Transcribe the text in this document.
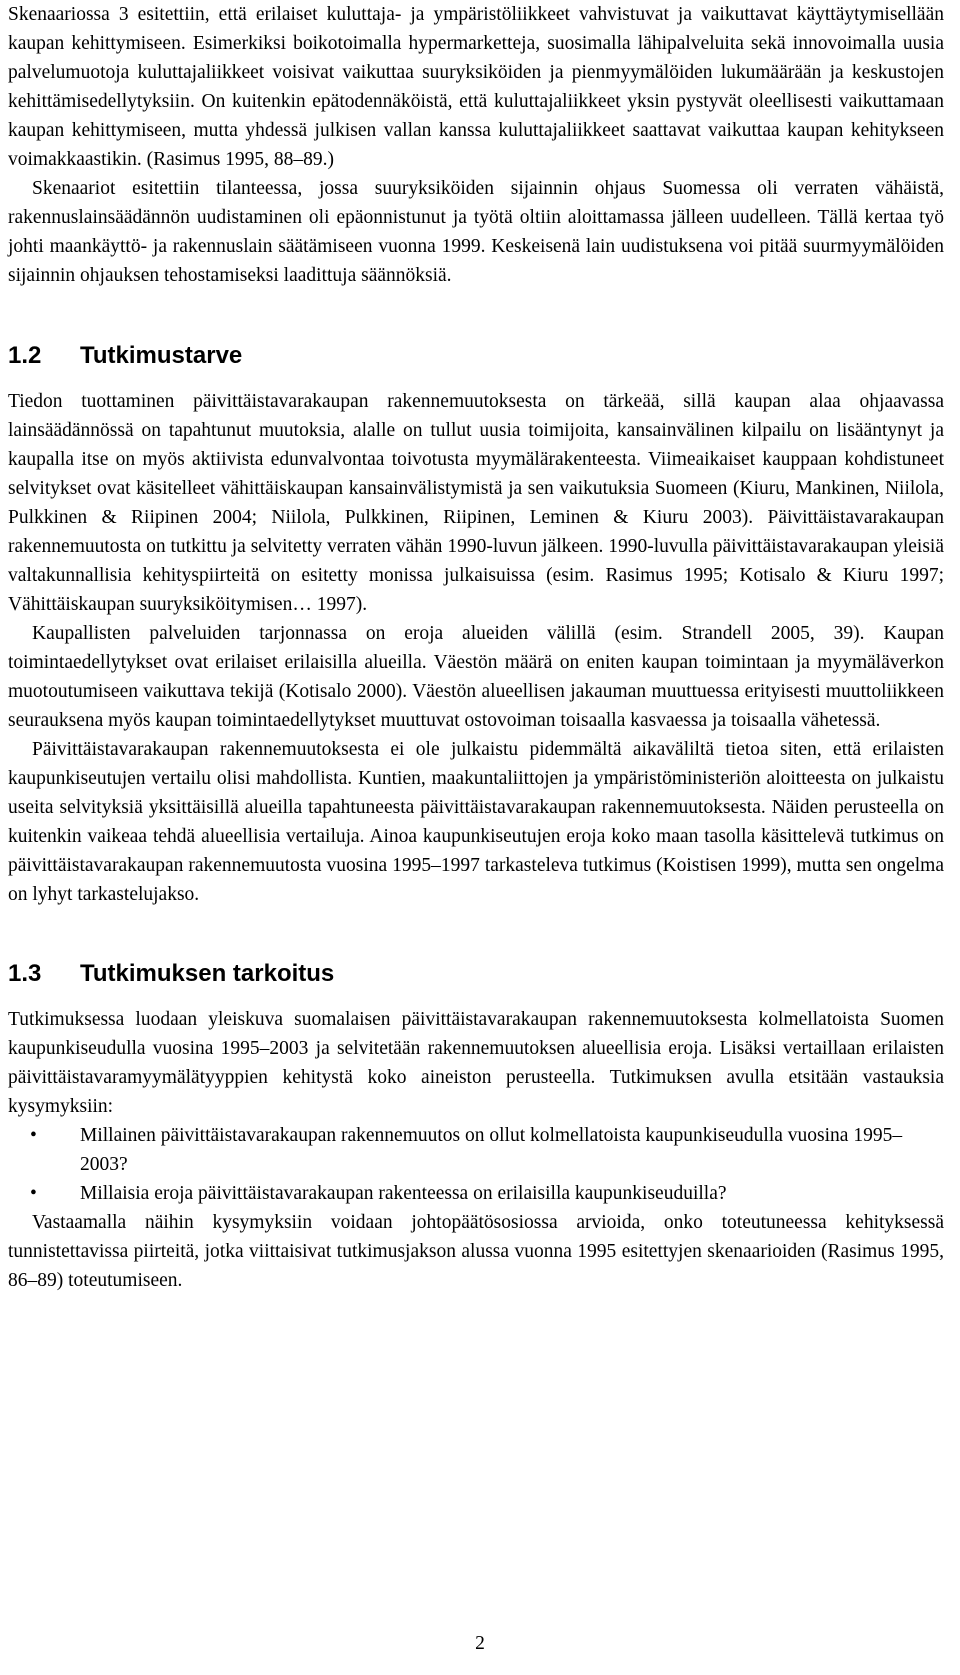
Skenaariossa 3 esitettiin, että erilaiset kuluttaja- ja ympäristöliikkeet vahvistuvat ja vaikuttavat käyttäytymisellään kaupan kehittymiseen. Esimerkiksi boikotoimalla hypermarketteja, suosimalla lähipalveluita sekä innovoimalla uusia palvelumuotoja kuluttajaliikkeet voisivat vaikuttaa suuryksiköiden ja pienmyymälöiden lukumäärään ja keskustojen kehittämisedellytyksiin. On kuitenkin epätodennäköistä, että kuluttajaliikkeet yksin pystyvät oleellisesti vaikuttamaan kaupan kehittymiseen, mutta yhdessä julkisen vallan kanssa kuluttajaliikkeet saattavat vaikuttaa kaupan kehitykseen voimakkaastikin. (Rasimus 1995, 88–89.)

Skenaariot esitettiin tilanteessa, jossa suuryksiköiden sijainnin ohjaus Suomessa oli verraten vähäistä, rakennuslainsäädännön uudistaminen oli epäonnistunut ja työtä oltiin aloittamassa jälleen uudelleen. Tällä kertaa työ johti maankäyttö- ja rakennuslain säätämiseen vuonna 1999. Keskeisenä lain uudistuksena voi pitää suurmyymälöiden sijainnin ohjauksen tehostamiseksi laadittuja säännöksiä.

1.2	Tutkimustarve

Tiedon tuottaminen päivittäistavarakaupan rakennemuutoksesta on tärkeää, sillä kaupan alaa ohjaavassa lainsäädännössä on tapahtunut muutoksia, alalle on tullut uusia toimijoita, kansainvälinen kilpailu on lisääntynyt ja kaupalla itse on myös aktiivista edunvalvontaa toivotusta myymälärakenteesta. Viimeaikaiset kauppaan kohdistuneet selvitykset ovat käsitelleet vähittäiskaupan kansainvälistymistä ja sen vaikutuksia Suomeen (Kiuru, Mankinen, Niilola, Pulkkinen & Riipinen 2004; Niilola, Pulkkinen, Riipinen, Leminen & Kiuru 2003). Päivittäistavarakaupan rakennemuutosta on tutkittu ja selvitetty verraten vähän 1990-luvun jälkeen. 1990-luvulla päivittäistavarakaupan yleisiä valtakunnallisia kehityspiirteitä on esitetty monissa julkaisuissa (esim. Rasimus 1995; Kotisalo & Kiuru 1997; Vähittäiskaupan suuryksiköitymisen… 1997).

Kaupallisten palveluiden tarjonnassa on eroja alueiden välillä (esim. Strandell 2005, 39). Kaupan toimintaedellytykset ovat erilaiset erilaisilla alueilla. Väestön määrä on eniten kaupan toimintaan ja myymäläverkon muotoutumiseen vaikuttava tekijä (Kotisalo 2000). Väestön alueellisen jakauman muuttuessa erityisesti muuttoliikkeen seurauksena myös kaupan toimintaedellytykset muuttuvat ostovoiman toisaalla kasvaessa ja toisaalla vähetessä.

Päivittäistavarakaupan rakennemuutoksesta ei ole julkaistu pidemmältä aikaväliltä tietoa siten, että erilaisten kaupunkiseutujen vertailu olisi mahdollista. Kuntien, maakuntaliittojen ja ympäristöministeriön aloitteesta on julkaistu useita selvityksiä yksittäisillä alueilla tapahtuneesta päivittäistavarakaupan rakennemuutoksesta. Näiden perusteella on kuitenkin vaikeaa tehdä alueellisia vertailuja. Ainoa kaupunkiseutujen eroja koko maan tasolla käsittelevä tutkimus on päivittäistavarakaupan rakennemuutosta vuosina 1995–1997 tarkasteleva tutkimus (Koistisen 1999), mutta sen ongelma on lyhyt tarkastelujakso.

1.3	Tutkimuksen tarkoitus

Tutkimuksessa luodaan yleiskuva suomalaisen päivittäistavarakaupan rakennemuutoksesta kolmellatoista Suomen kaupunkiseudulla vuosina 1995–2003 ja selvitetään rakennemuutoksen alueellisia eroja. Lisäksi vertaillaan erilaisten päivittäistavaramyymälätyyppien kehitystä koko aineiston perusteella. Tutkimuksen avulla etsitään vastauksia kysymyksiin:

• Millainen päivittäistavarakaupan rakennemuutos on ollut kolmellatoista kaupunkiseudulla vuosina 1995–2003?
• Millaisia eroja päivittäistavarakaupan rakenteessa on erilaisilla kaupunkiseuduilla?

Vastaamalla näihin kysymyksiin voidaan johtopäätösosiossa arvioida, onko toteutuneessa kehityksessä tunnistettavissa piirteitä, jotka viittaisivat tutkimusjakson alussa vuonna 1995 esitettyjen skenaarioiden (Rasimus 1995, 86–89) toteutumiseen.

2
